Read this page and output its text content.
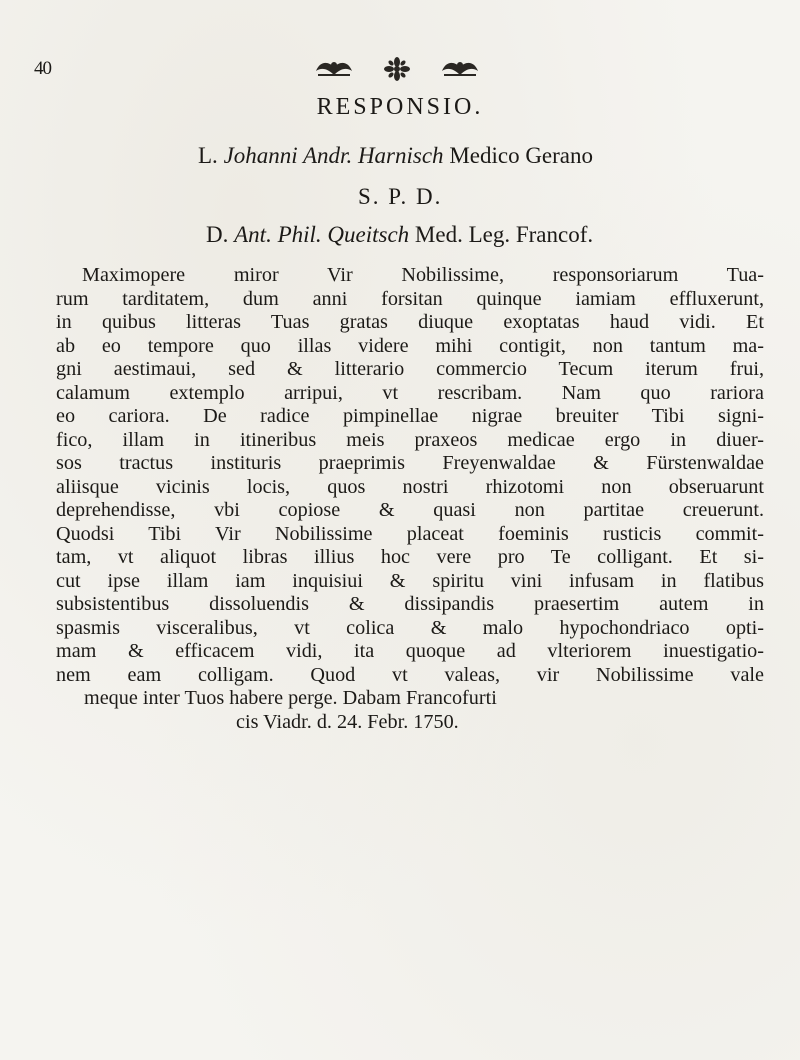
40
RESPONSIO.
L. Johanni Andr. Harnisch Medico Gerano
S. P. D.
D. Ant. Phil. Queitsch Med. Leg. Francof.
Maximopere miror Vir Nobilissime, responsoriarum Tua-
rum tarditatem, dum anni forsitan quinque iamiam effluxerunt,
in quibus litteras Tuas gratas diuque exoptatas haud vidi. Et
ab eo tempore quo illas videre mihi contigit, non tantum ma-
gni aestimaui, sed & litterario commercio Tecum iterum frui,
calamum extemplo arripui, vt rescribam. Nam quo rariora
eo cariora. De radice pimpinellae nigrae breuiter Tibi signi-
fico, illam in itineribus meis praxeos medicae ergo in diuer-
sos tractus instituris praeprimis Freyenwaldae & Fürstenwaldae
aliisque vicinis locis, quos nostri rhizotomi non obseruarunt
deprehendisse, vbi copiose & quasi non partitae creuerunt.
Quodsi Tibi Vir Nobilissime placeat foeminis rusticis commit-
tam, vt aliquot libras illius hoc vere pro Te colligant. Et si-
cut ipse illam iam inquisiui & spiritu vini infusam in flatibus
subsistentibus dissoluendis & dissipandis praesertim autem in
spasmis visceralibus, vt colica & malo hypochondriaco opti-
mam & efficacem vidi, ita quoque ad vlteriorem inuestigatio-
nem eam colligam. Quod vt valeas, vir Nobilissime vale
meque inter Tuos habere perge. Dabam Francofurti
cis Viadr. d. 24. Febr. 1750.
